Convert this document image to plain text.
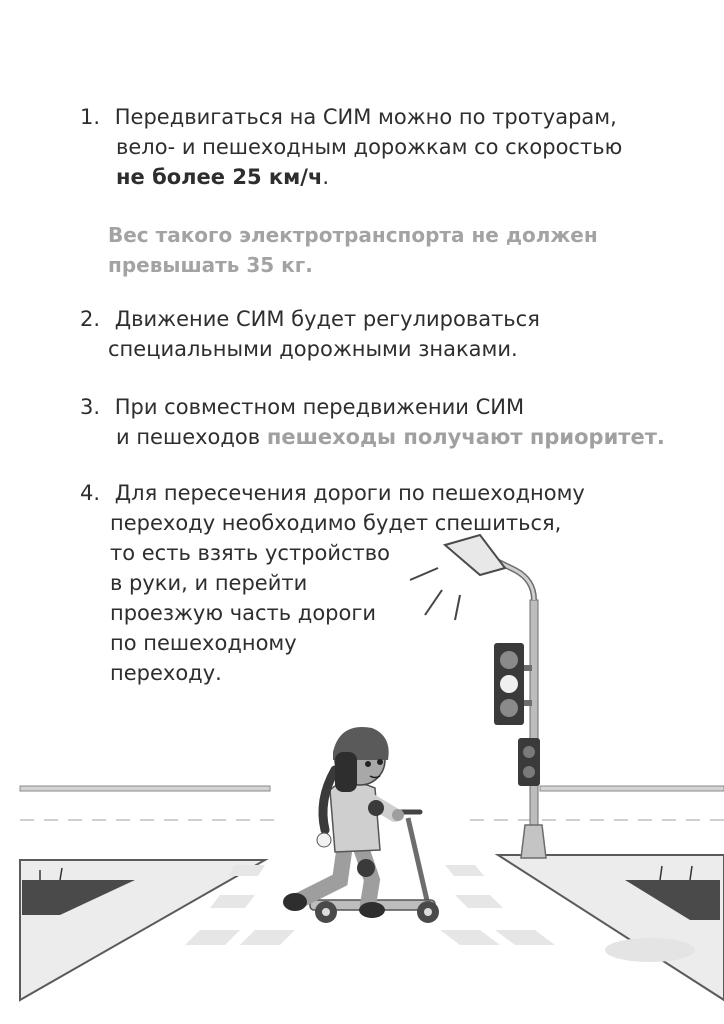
1. Передвигаться на СИМ можно по тротуарам,
вело- и пешеходным дорожкам со скоростью
не более 25 км/ч.
Вес такого электротранспорта не должен
превышать 35 кг.
2. Движение СИМ будет регулироваться
специальными дорожными знаками.
3. При совместном передвижении СИМ
и пешеходов пешеходы получают приоритет.
4. Для пересечения дороги по пешеходному
переходу необходимо будет спешиться,
то есть взять устройство
в руки, и перейти
проезжую часть дороги
по пешеходному
переходу.
